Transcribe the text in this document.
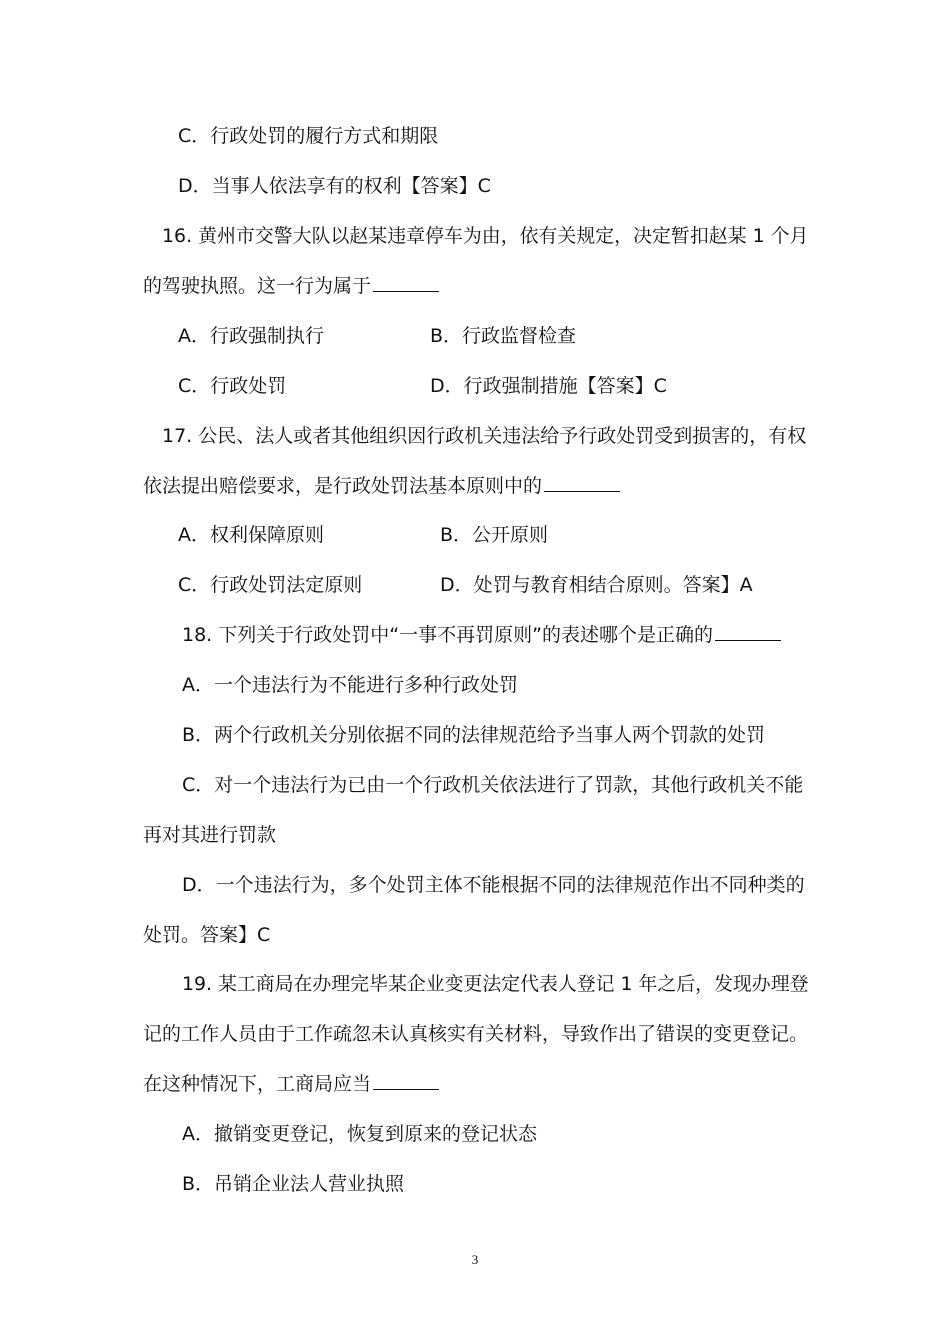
C．行政处罚的履行方式和期限
D．当事人依法享有的权利【答案】C
16. 黄州市交警大队以赵某违章停车为由，依有关规定，决定暂扣赵某 1 个月
的驾驶执照。这一行为属于
A．行政强制执行	B．行政监督检查
C．行政处罚	D．行政强制措施【答案】C
17. 公民、法人或者其他组织因行政机关违法给予行政处罚受到损害的，有权
依法提出赔偿要求，是行政处罚法基本原则中的
A．权利保障原则	B．公开原则
C．行政处罚法定原则	D．处罚与教育相结合原则。答案】A
18. 下列关于行政处罚中“一事不再罚原则”的表述哪个是正确的
A．一个违法行为不能进行多种行政处罚
B．两个行政机关分别依据不同的法律规范给予当事人两个罚款的处罚
C．对一个违法行为已由一个行政机关依法进行了罚款，其他行政机关不能
再对其进行罚款
D．一个违法行为，多个处罚主体不能根据不同的法律规范作出不同种类的
处罚。答案】C
19. 某工商局在办理完毕某企业变更法定代表人登记 1 年之后，发现办理登
记的工作人员由于工作疏忽未认真核实有关材料，导致作出了错误的变更登记。
在这种情况下，工商局应当
A．撤销变更登记，恢复到原来的登记状态
B．吊销企业法人营业执照
3
